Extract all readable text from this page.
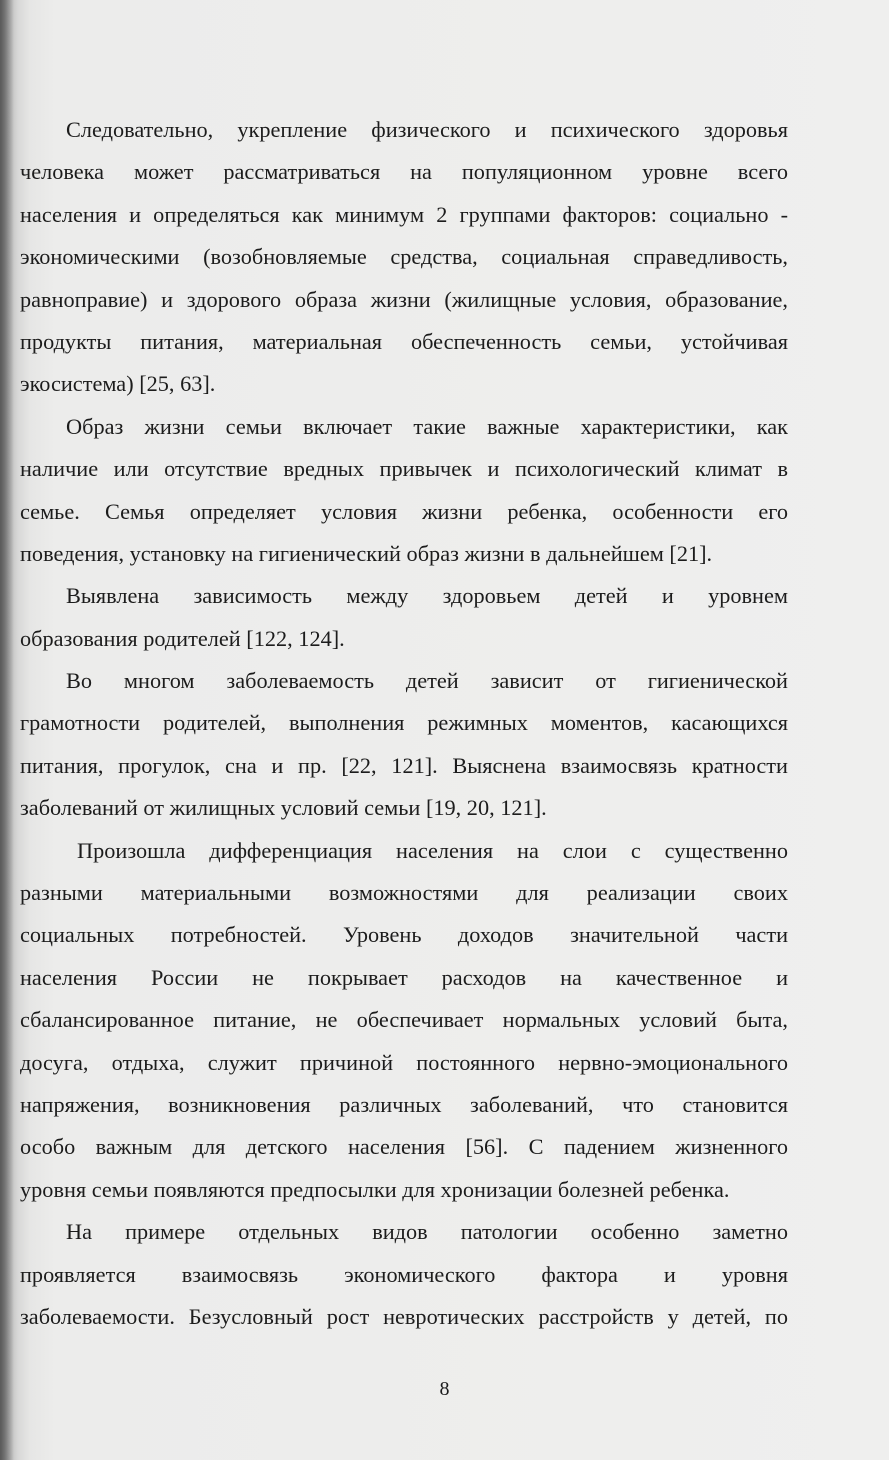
Следовательно, укрепление физического и психического здоровья
человека может рассматриваться на популяционном уровне всего
населения и определяться как минимум 2 группами факторов: социально -
экономическими (возобновляемые средства, социальная справедливость,
равноправие) и здорового образа жизни (жилищные условия, образование,
продукты питания, материальная обеспеченность семьи, устойчивая
экосистема) [25, 63].
Образ жизни семьи включает такие важные характеристики, как
наличие или отсутствие вредных привычек и психологический климат в
семье. Семья определяет условия жизни ребенка, особенности его
поведения, установку на гигиенический образ жизни в дальнейшем [21].
Выявлена зависимость между здоровьем детей и уровнем
образования родителей [122, 124].
Во многом заболеваемость детей зависит от гигиенической
грамотности родителей, выполнения режимных моментов, касающихся
питания, прогулок, сна и пр. [22, 121]. Выяснена взаимосвязь кратности
заболеваний от жилищных условий семьи [19, 20, 121].
Произошла дифференциация населения на слои с существенно
разными материальными возможностями для реализации своих
социальных потребностей. Уровень доходов значительной части
населения России не покрывает расходов на качественное и
сбалансированное питание, не обеспечивает нормальных условий быта,
досуга, отдыха, служит причиной постоянного нервно-эмоционального
напряжения, возникновения различных заболеваний, что становится
особо важным для детского населения [56]. С падением жизненного
уровня семьи появляются предпосылки для хронизации болезней ребенка.
На примере отдельных видов патологии особенно заметно
проявляется взаимосвязь экономического фактора и уровня
заболеваемости. Безусловный рост невротических расстройств у детей, по
8
